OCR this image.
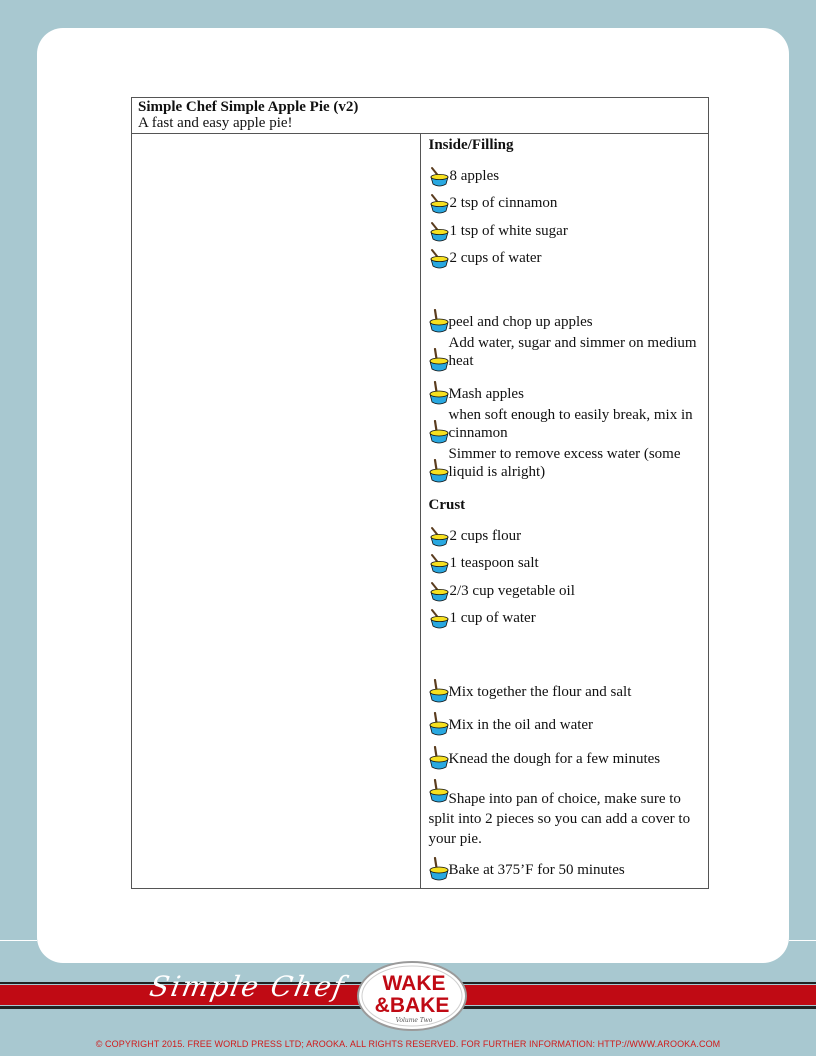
Simple Chef Simple Apple Pie (v2)
A fast and easy apple pie!

Inside/Filling
8 apples
2 tsp of cinnamon
1 tsp of white sugar
2 cups of water
peel and chop up apples
Add water, sugar and simmer on medium heat
Mash apples
when soft enough to easily break, mix in cinnamon
Simmer to remove excess water (some liquid is alright)
Crust
2 cups flour
1 teaspoon salt
2/3 cup vegetable oil
1 cup of water
Mix together the flour and salt
Mix in the oil and water
Knead the dough for a few minutes
Shape into pan of choice, make sure to split into 2 pieces so you can add a cover to your pie.
Bake at 375’F for 50 minutes
Simple Chef WAKE
&BAKE
Volume Two
© COPYRIGHT 2015. FREE WORLD PRESS LTD; AROOKA. ALL RIGHTS RESERVED. FOR FURTHER INFORMATION: HTTP://WWW.AROOKA.COM
